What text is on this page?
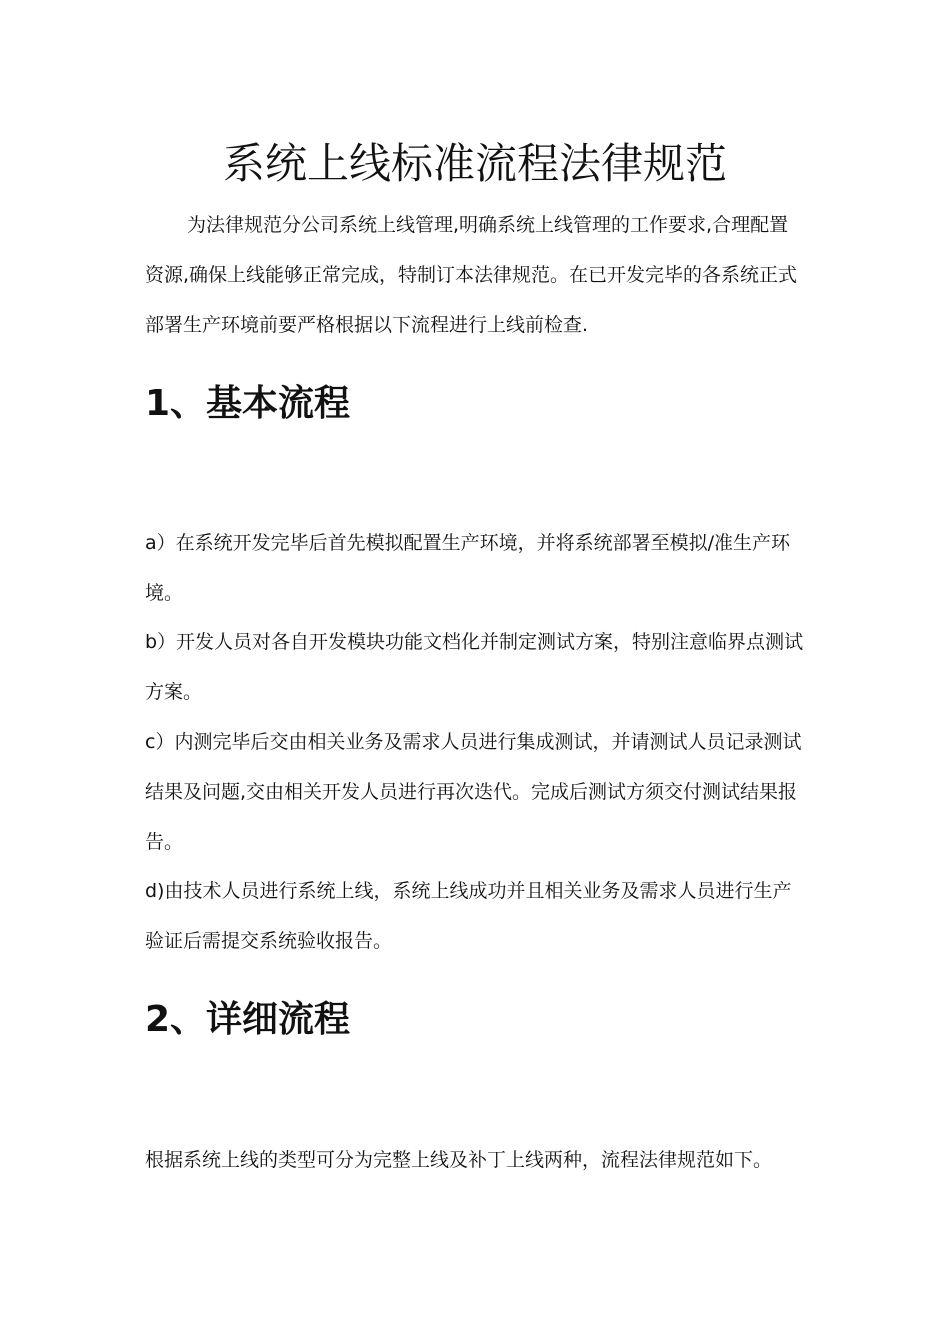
系统上线标准流程法律规范

为法律规范分公司系统上线管理,明确系统上线管理的工作要求,合理配置资源,确保上线能够正常完成，特制订本法律规范。在已开发完毕的各系统正式部署生产环境前要严格根据以下流程进行上线前检查.

1、基本流程

a）在系统开发完毕后首先模拟配置生产环境，并将系统部署至模拟/准生产环境。

b）开发人员对各自开发模块功能文档化并制定测试方案，特别注意临界点测试方案。

c）内测完毕后交由相关业务及需求人员进行集成测试，并请测试人员记录测试结果及问题,交由相关开发人员进行再次迭代。完成后测试方须交付测试结果报告。

d)由技术人员进行系统上线，系统上线成功并且相关业务及需求人员进行生产验证后需提交系统验收报告。

2、详细流程

根据系统上线的类型可分为完整上线及补丁上线两种，流程法律规范如下。
